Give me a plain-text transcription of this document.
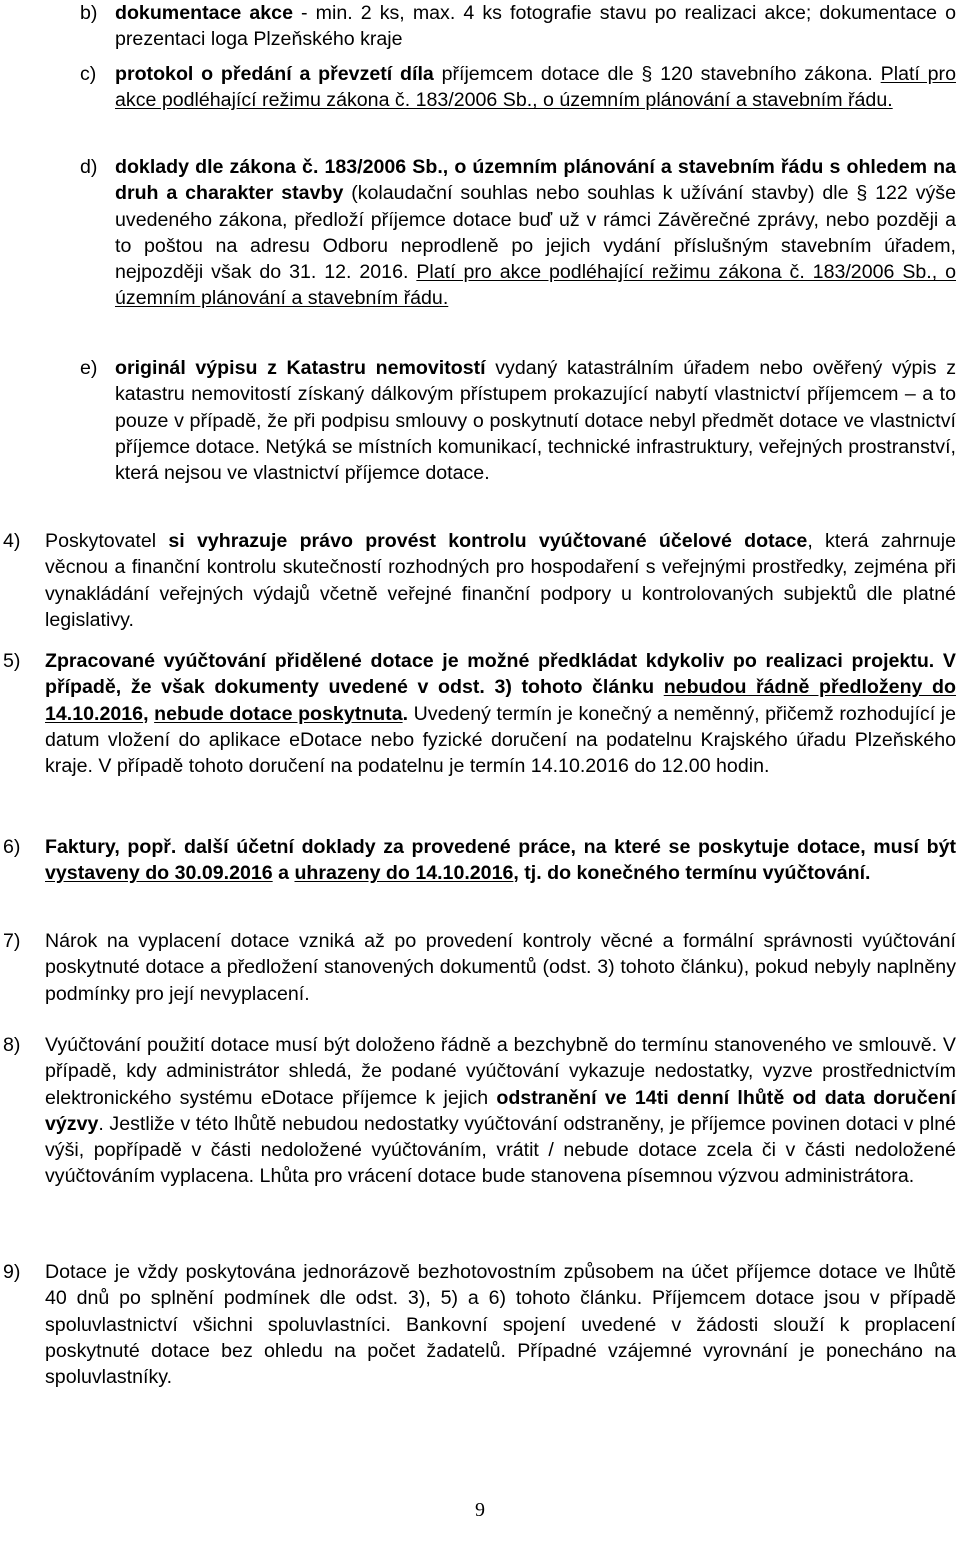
b) dokumentace akce - min. 2 ks, max. 4 ks fotografie stavu po realizaci akce; dokumentace o prezentaci loga Plzeňského kraje

c) protokol o předání a převzetí díla příjemcem dotace dle § 120 stavebního zákona. Platí pro akce podléhající režimu zákona č. 183/2006 Sb., o územním plánování a stavebním řádu.

d) doklady dle zákona č. 183/2006 Sb., o územním plánování a stavebním řádu s ohledem na druh a charakter stavby (kolaudační souhlas nebo souhlas k užívání stavby) dle § 122 výše uvedeného zákona, předloží příjemce dotace buď už v rámci Závěrečné zprávy, nebo později a to poštou na adresu Odboru neprodleně po jejich vydání příslušným stavebním úřadem, nejpozději však do 31. 12. 2016. Platí pro akce podléhající režimu zákona č. 183/2006 Sb., o územním plánování a stavebním řádu.

e) originál výpisu z Katastru nemovitostí vydaný katastrálním úřadem nebo ověřený výpis z katastru nemovitostí získaný dálkovým přístupem prokazující nabytí vlastnictví příjemcem – a to pouze v případě, že při podpisu smlouvy o poskytnutí dotace nebyl předmět dotace ve vlastnictví příjemce dotace. Netýká se místních komunikací, technické infrastruktury, veřejných prostranství, která nejsou ve vlastnictví příjemce dotace.

4) Poskytovatel si vyhrazuje právo provést kontrolu vyúčtované účelové dotace, která zahrnuje věcnou a finanční kontrolu skutečností rozhodných pro hospodaření s veřejnými prostředky, zejména při vynakládání veřejných výdajů včetně veřejné finanční podpory u kontrolovaných subjektů dle platné legislativy.

5) Zpracované vyúčtování přidělené dotace je možné předkládat kdykoliv po realizaci projektu. V případě, že však dokumenty uvedené v odst. 3) tohoto článku nebudou řádně předloženy do 14.10.2016, nebude dotace poskytnuta. Uvedený termín je konečný a neměnný, přičemž rozhodující je datum vložení do aplikace eDotace nebo fyzické doručení na podatelnu Krajského úřadu Plzeňského kraje. V případě tohoto doručení na podatelnu je termín 14.10.2016 do 12.00 hodin.

6) Faktury, popř. další účetní doklady za provedené práce, na které se poskytuje dotace, musí být vystaveny do 30.09.2016 a uhrazeny do 14.10.2016, tj. do konečného termínu vyúčtování.

7) Nárok na vyplacení dotace vzniká až po provedení kontroly věcné a formální správnosti vyúčtování poskytnuté dotace a předložení stanovených dokumentů (odst. 3) tohoto článku), pokud nebyly naplněny podmínky pro její nevyplacení.

8) Vyúčtování použití dotace musí být doloženo řádně a bezchybně do termínu stanoveného ve smlouvě. V případě, kdy administrátor shledá, že podané vyúčtování vykazuje nedostatky, vyzve prostřednictvím elektronického systému eDotace příjemce k jejich odstranění ve 14ti denní lhůtě od data doručení výzvy. Jestliže v této lhůtě nebudou nedostatky vyúčtování odstraněny, je příjemce povinen dotaci v plné výši, popřípadě v části nedoložené vyúčtováním, vrátit / nebude dotace zcela či v části nedoložené vyúčtováním vyplacena. Lhůta pro vrácení dotace bude stanovena písemnou výzvou administrátora.

9) Dotace je vždy poskytována jednorázově bezhotovostním způsobem na účet příjemce dotace ve lhůtě 40 dnů po splnění podmínek dle odst. 3), 5) a 6) tohoto článku. Příjemcem dotace jsou v případě spoluvlastnictví všichni spoluvlastníci. Bankovní spojení uvedené v žádosti slouží k proplacení poskytnuté dotace bez ohledu na počet žadatelů. Případné vzájemné vyrovnání je ponecháno na spoluvlastníky.

9
